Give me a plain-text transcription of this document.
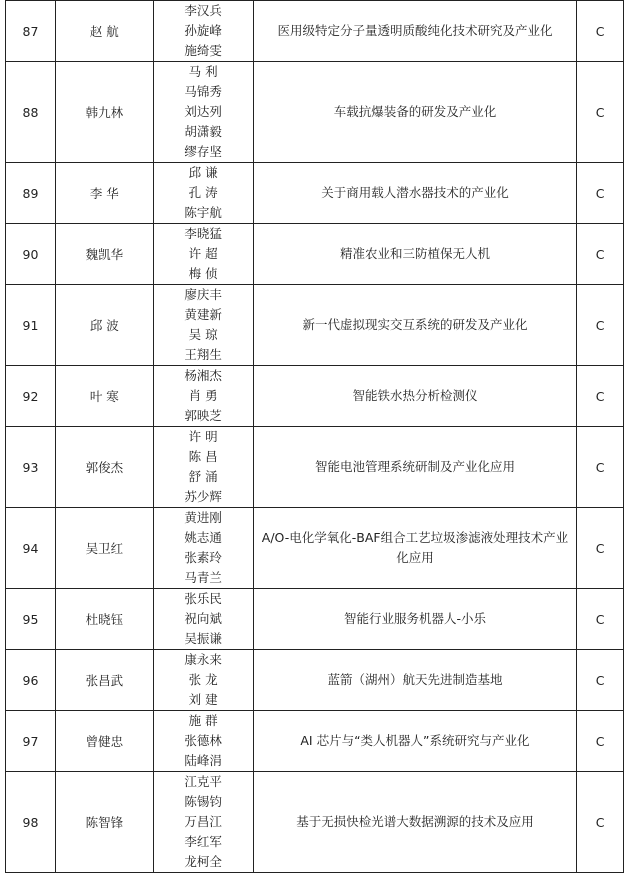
87	赵 航	李汉兵
孙旋峰
施绮雯	医用级特定分子量透明质酸纯化技术研究及产业化	C
88	韩九林	马 利
马锦秀
刘达列
胡潇毅
缪存坚	车载抗爆装备的研发及产业化	C
89	李 华	邱 谦
孔 涛
陈宇航	关于商用载人潜水器技术的产业化	C
90	魏凯华	李晓猛
许 超
梅 侦	精准农业和三防植保无人机	C
91	邱 波	廖庆丰
黄建新
吴 琼
王翔生	新一代虚拟现实交互系统的研发及产业化	C
92	叶 寒	杨湘杰
肖 勇
郭映芝	智能铁水热分析检测仪	C
93	郭俊杰	许 明
陈 昌
舒 涌
苏少辉	智能电池管理系统研制及产业化应用	C
94	吴卫红	黄进刚
姚志通
张素玲
马青兰	A/O-电化学氧化-BAF组合工艺垃圾渗滤液处理技术产业化应用	C
95	杜晓钰	张乐民
祝向斌
吴振谦	智能行业服务机器人-小乐	C
96	张昌武	康永来
张 龙
刘 建	蓝箭（湖州）航天先进制造基地	C
97	曾健忠	施 群
张德林
陆峰涓	AI 芯片与“类人机器人”系统研究与产业化	C
98	陈智锋	江克平
陈锡钧
万昌江
李红军
龙柯全	基于无损快检光谱大数据溯源的技术及应用	C
